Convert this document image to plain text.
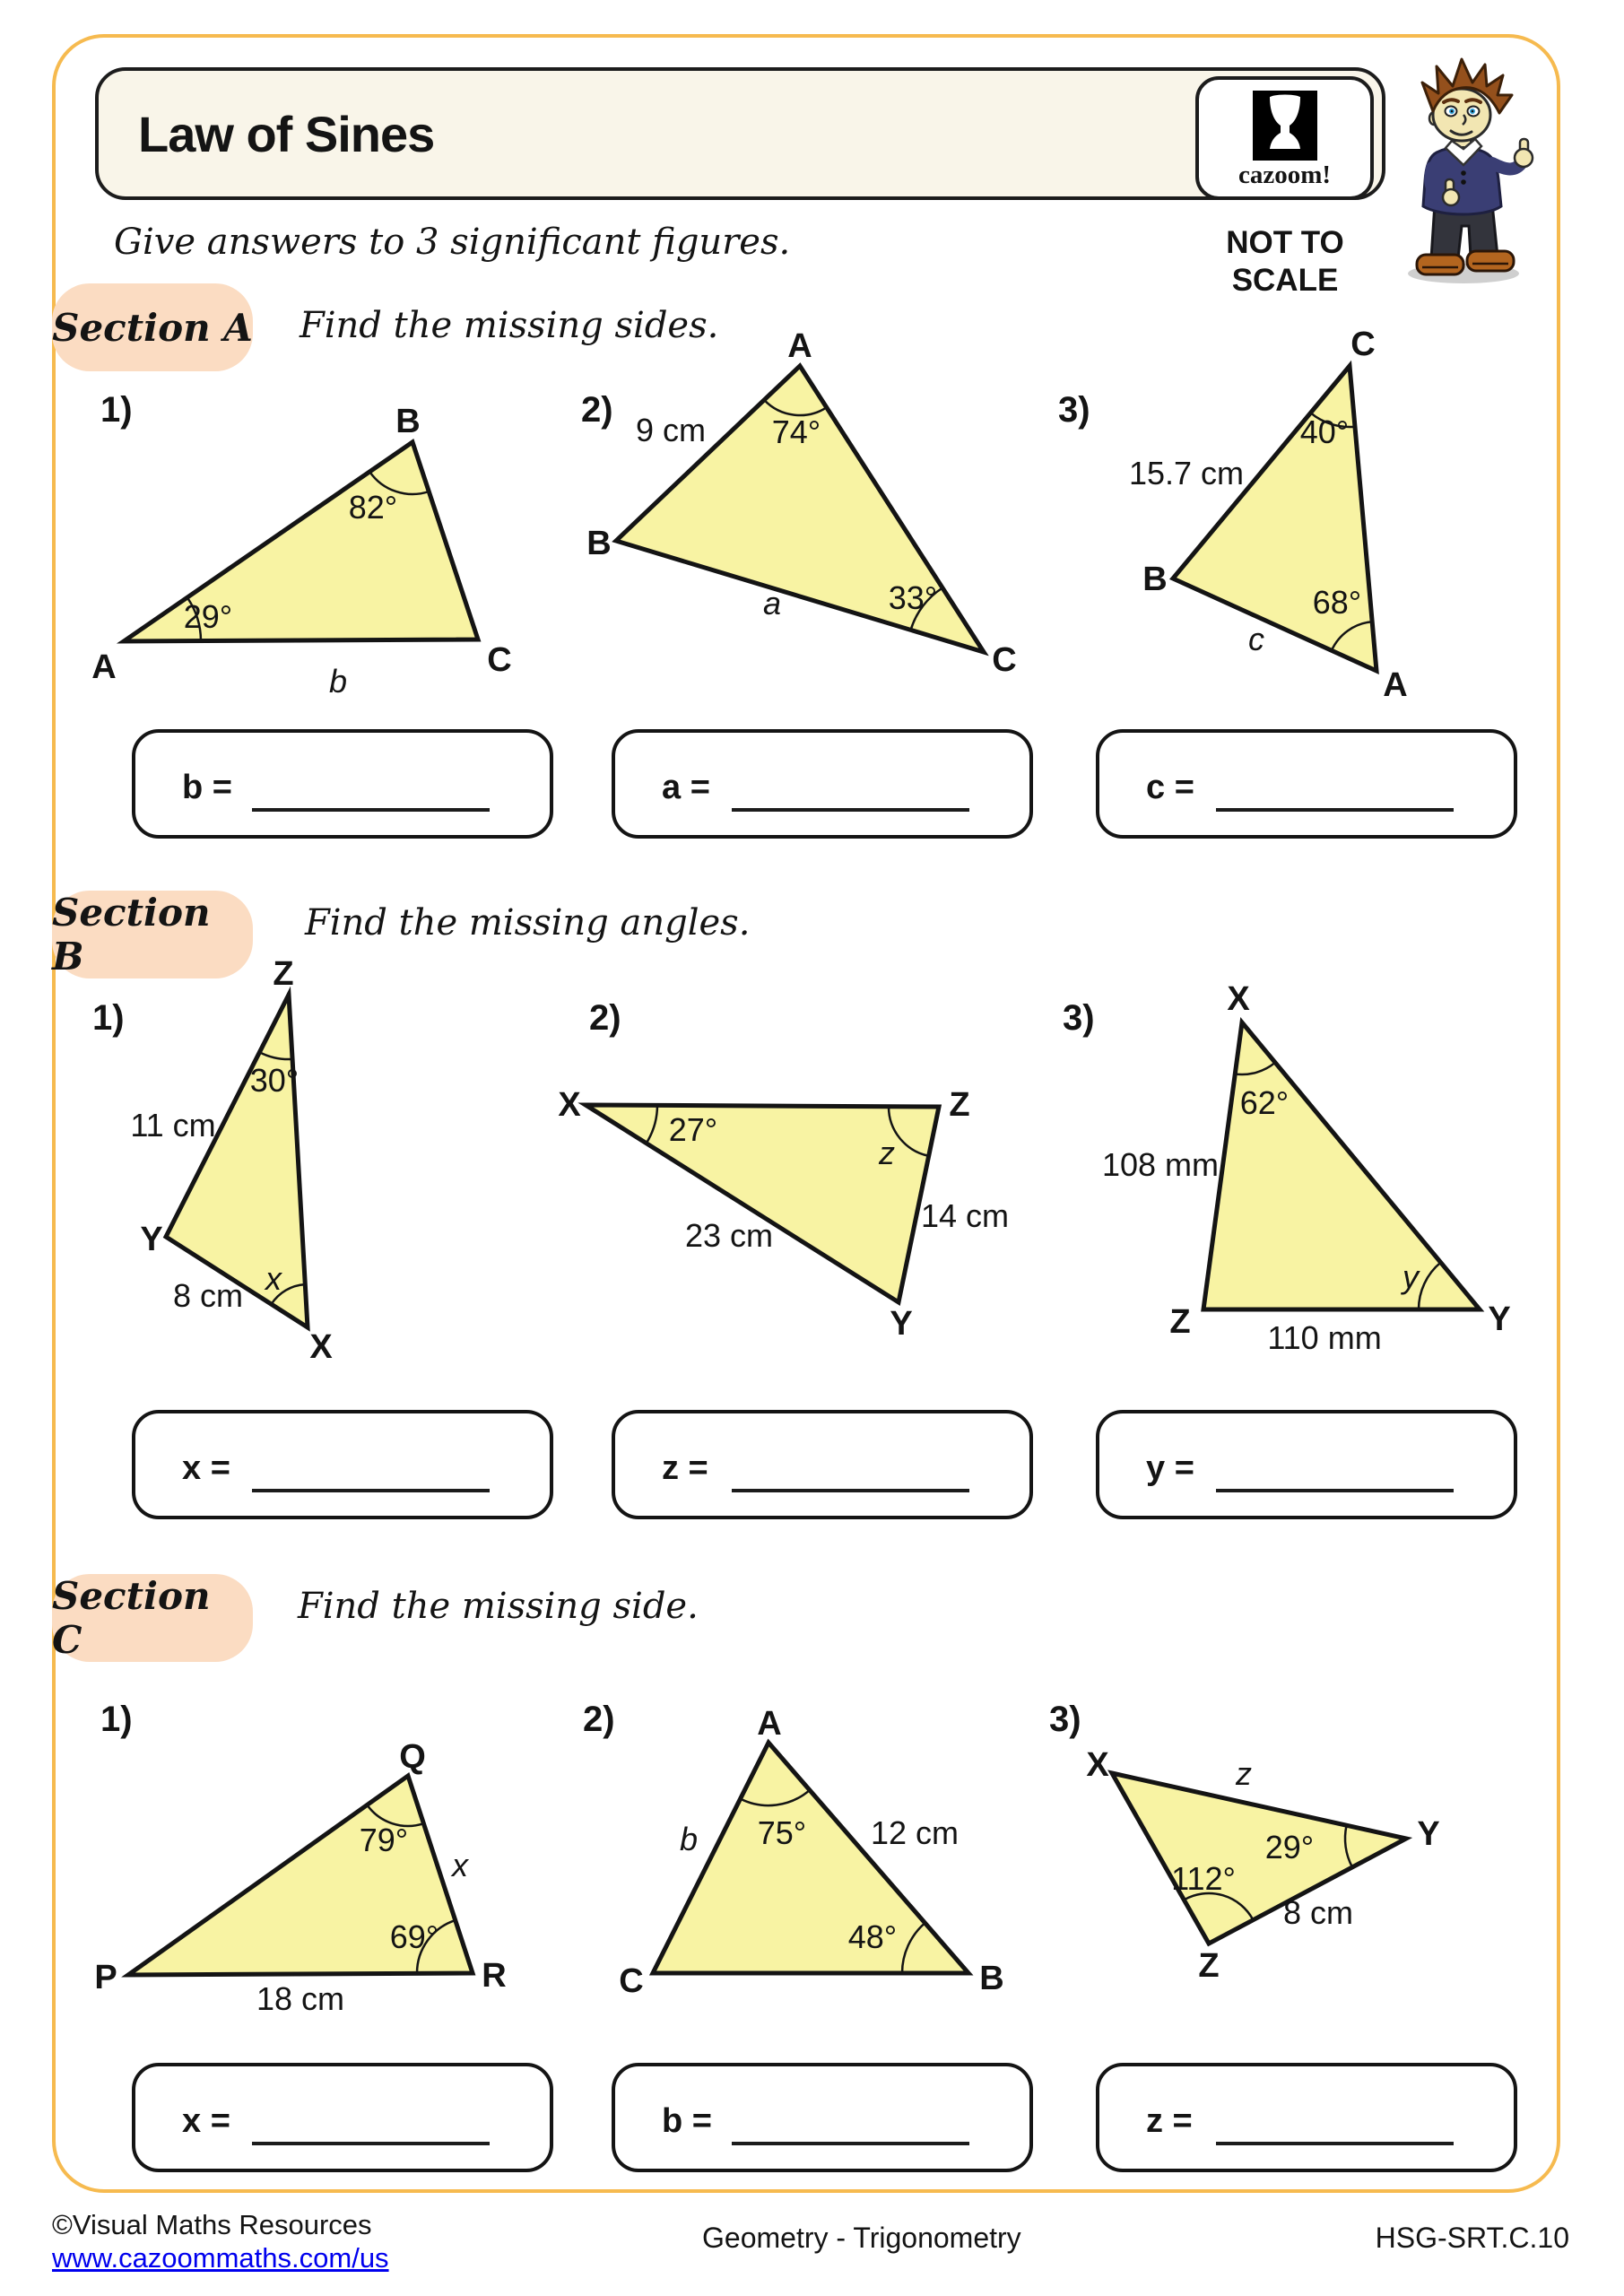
1)
A
B
C
82°
29°
b
2)
A
B
C
74°
33°
9 cm
a
3)
C
B
A
40°
68°
15.7 cm
c
1)
Z
Y
X
30°
11 cm
8 cm x
2)
X	Z
Y
27°
z
23 cm
14 cm
3)	X
Z	Y
62°
108 mm
110 mm
y
1)
Q
P	R
79°
x
69°
18 cm
2)	A
C	B
75°
b	12 cm
48°
3)
X
Y
Z
z
29°
112°
8 cm
Law of Sines
cazoom!
NOT TO
SCALE
Give answers to 3 significant figures.
Section A Find the missing sides.
Section B
Find the missing angles.
Section C
Find the missing side.
b =	a =	c =
x =	z =	y =
x =	b =	z =
©Visual Maths Resources
www.cazoommaths.com/us
Geometry - Trigonometry	HSG-SRT.C.10
